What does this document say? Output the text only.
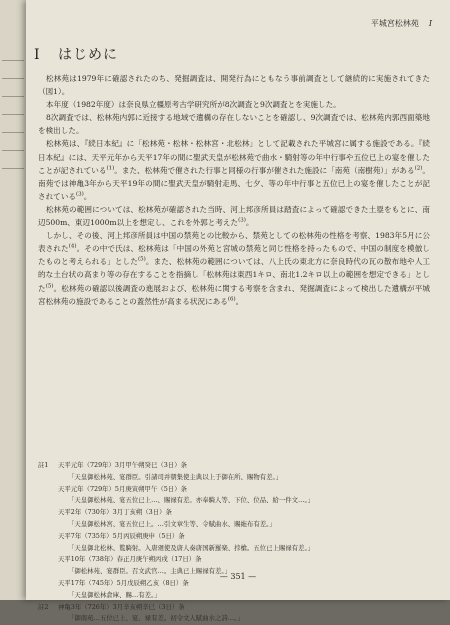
平城宮松林苑 I
I はじめに

松林苑は1979年に確認されたのち、発掘調査は、開発行為にともなう事前調査として継続的に実施されてきた（図1）。

本年度（1982年度）は奈良県立橿原考古学研究所が8次調査と9次調査とを実施した。

8次調査では、松林苑内郭に近接する地域で遺構の存在しないことを確認し、9次調査では、松林苑内郭西面築地を検出した。

松林苑は、『続日本紀』に「松林苑・松林・松林宮・北松林」として記載された平城宮に属する施設である。『続日本紀』には、天平元年から天平17年の間に聖武天皇が松林苑で曲水・騎射等の年中行事や五位已上の宴を催したことが記されている$^{(1)}$。また、松林苑で催された行事と同様の行事が催された施設に「南苑（南樹苑）」がある$^{(2)}$。南苑では神亀3年から天平19年の間に聖武天皇が騎射走馬、七夕、等の年中行事と五位已上の宴を催したことが記されている$^{(3)}$。

松林苑の範囲については、松林苑が確認された当時、河上邦彦所員は踏査によって確認できた土塁をもとに、南辺500m、東辺1000m以上を想定し、これを外郭と考えた$^{(3)}$。

しかし、その後、河上邦彦所員は中国の禁苑との比較から、禁苑としての松林苑の性格を考察、1983年5月に公表された$^{(4)}$。その中で氏は、松林苑は「中国の外苑と宮城の禁苑と同じ性格を持ったもので、中国の制度を模倣したものと考えられる」とした$^{(5)}$。また、松林苑の範囲については、八上氏の東北方に奈良時代の瓦の散布地や人工的な土台状の高まり等の存在することを指摘し「松林苑は東西1キロ、南北1.2キロ以上の範囲を想定できる」とした$^{(5)}$。松林苑の確認以後調査の進展および、松林苑に関する考察を含まれ、発掘調査によって検出した遺構が平城宮松林苑の施設であることの蓋然性が高まる状況にある$^{(6)}$。

註1 天平元年（729年）3月甲午朔癸巳（3日）条
「天皇御松林苑、宴群臣。引諸司并朝集使主典以上于御在所、賜物有差。」
天平元年（729年）5月庚寅朔甲午（5日）条
「天皇御松林苑、宴五位已上…、賜禄有差。亦奉騎人等、下位、位品、給一件文…。」
天平2年（730年）3月丁亥朔（3日）条
「天皇御松林宮、宴五位已上。…引文章生等、令賦曲水、賜絁布有差。」
天平7年（735年）5月丙辰朔庚申（5日）条
「天皇御北松林、覧騎射。入唐廻使及唐人奏唐国新羅楽、挊槍。五位已上賜禄有差。」
天平10年（738年）春正月庚午朔丙戌（17日）条
「御松林苑、宴群臣。召文武官…。主典已上賜禄有差。」
天平17年（745年）5月戊辰朔乙亥（8日）条
「天皇御松林倉庫、賜…有差。」
註2 神亀3年（726年）3月辛亥朔辛巳（3日）条
「御南苑…五位已上、宴、禄有差。初令文人賦曲水之詩…。」
— 351 —
